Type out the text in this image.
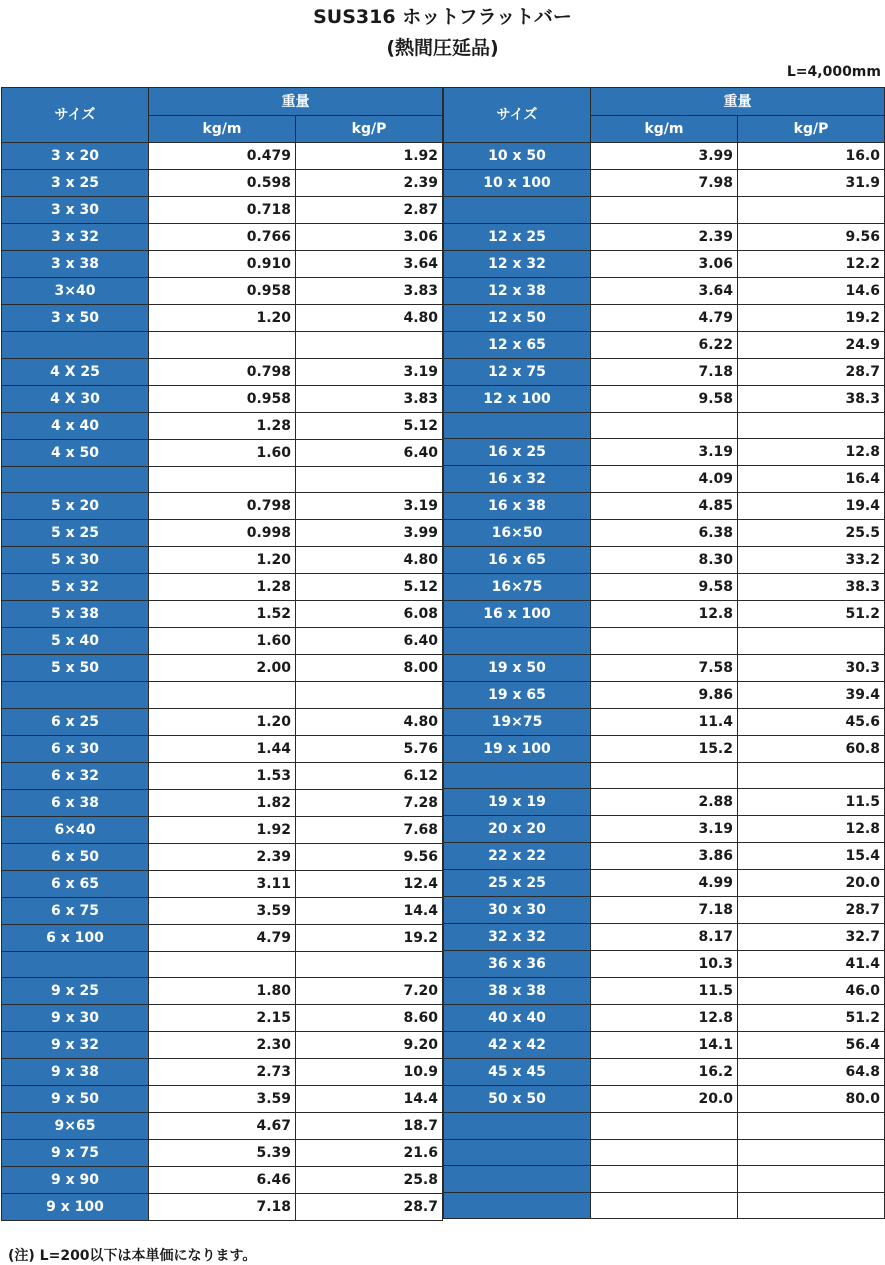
SUS316 ホットフラットバー
(熱間圧延品)
L=4,000mm
サイズ	重量	
	kg/m	kg/P
3 x 20	0.479	1.92
3 x 25	0.598	2.39
3 x 30	0.718	2.87
3 x 32	0.766	3.06
3 x 38	0.910	3.64
3×40	0.958	3.83
3 x 50	1.20	4.80

4 X 25	0.798	3.19
4 X 30	0.958	3.83
4 x 40	1.28	5.12
4 x 50	1.60	6.40

5 x 20	0.798	3.19
5 x 25	0.998	3.99
5 x 30	1.20	4.80
5 x 32	1.28	5.12
5 x 38	1.52	6.08
5 x 40	1.60	6.40
5 x 50	2.00	8.00

6 x 25	1.20	4.80
6 x 30	1.44	5.76
6 x 32	1.53	6.12
6 x 38	1.82	7.28
6×40	1.92	7.68
6 x 50	2.39	9.56
6 x 65	3.11	12.4
6 x 75	3.59	14.4
6 x 100	4.79	19.2

9 x 25	1.80	7.20
9 x 30	2.15	8.60
9 x 32	2.30	9.20
9 x 38	2.73	10.9
9 x 50	3.59	14.4
9×65	4.67	18.7
9 x 75	5.39	21.6
9 x 90	6.46	25.8
9 x 100	7.18	28.7
サイズ	重量	
	kg/m	kg/P
10 x 50	3.99	16.0
10 x 100	7.98	31.9

12 x 25	2.39	9.56
12 x 32	3.06	12.2
12 x 38	3.64	14.6
12 x 50	4.79	19.2
12 x 65	6.22	24.9
12 x 75	7.18	28.7
12 x 100	9.58	38.3

16 x 25	3.19	12.8
16 x 32	4.09	16.4
16 x 38	4.85	19.4
16×50	6.38	25.5
16 x 65	8.30	33.2
16×75	9.58	38.3
16 x 100	12.8	51.2

19 x 50	7.58	30.3
19 x 65	9.86	39.4
19×75	11.4	45.6
19 x 100	15.2	60.8

19 x 19	2.88	11.5
20 x 20	3.19	12.8
22 x 22	3.86	15.4
25 x 25	4.99	20.0
30 x 30	7.18	28.7
32 x 32	8.17	32.7
36 x 36	10.3	41.4
38 x 38	11.5	46.0
40 x 40	12.8	51.2
42 x 42	14.1	56.4
45 x 45	16.2	64.8
50 x 50	20.0	80.0

(注) L=200以下は本単価になります。
